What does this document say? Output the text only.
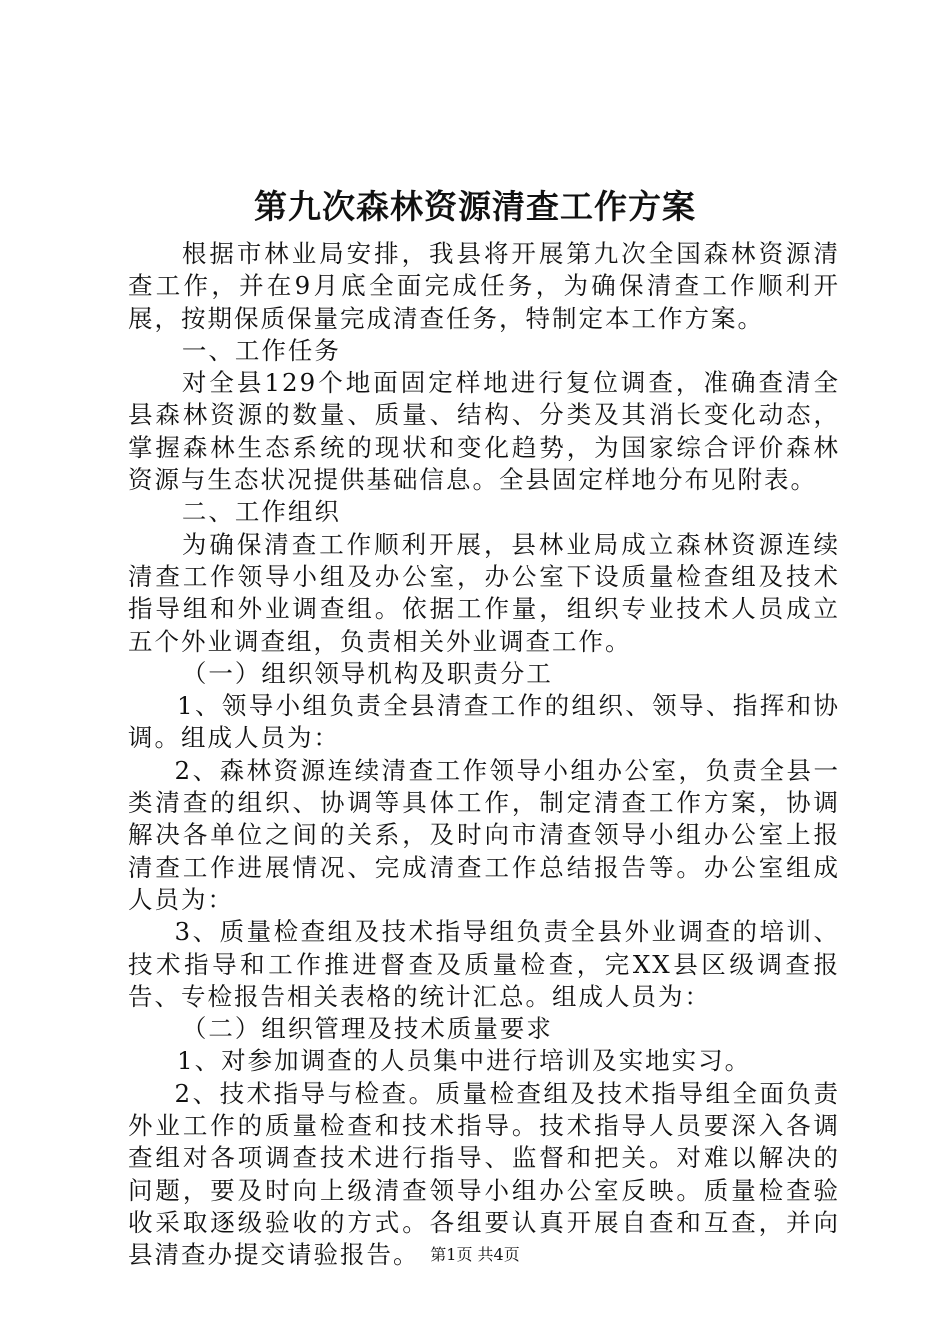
第九次森林资源清查工作方案

根据市林业局安排，我县将开展第九次全国森林资源清查工作，并在9月底全面完成任务，为确保清查工作顺利开展，按期保质保量完成清查任务，特制定本工作方案。

一、工作任务

对全县129个地面固定样地进行复位调查，准确查清全县森林资源的数量、质量、结构、分类及其消长变化动态，掌握森林生态系统的现状和变化趋势，为国家综合评价森林资源与生态状况提供基础信息。全县固定样地分布见附表。

二、工作组织

为确保清查工作顺利开展，县林业局成立森林资源连续清查工作领导小组及办公室，办公室下设质量检查组及技术指导组和外业调查组。依据工作量，组织专业技术人员成立五个外业调查组，负责相关外业调查工作。

（一）组织领导机构及职责分工

1、领导小组负责全县清查工作的组织、领导、指挥和协调。组成人员为：

2、森林资源连续清查工作领导小组办公室，负责全县一类清查的组织、协调等具体工作，制定清查工作方案，协调解决各单位之间的关系，及时向市清查领导小组办公室上报清查工作进展情况、完成清查工作总结报告等。办公室组成人员为：

3、质量检查组及技术指导组负责全县外业调查的培训、技术指导和工作推进督查及质量检查，完XX县区级调查报告、专检报告相关表格的统计汇总。组成人员为：

（二）组织管理及技术质量要求

1、对参加调查的人员集中进行培训及实地实习。

2、技术指导与检查。质量检查组及技术指导组全面负责外业工作的质量检查和技术指导。技术指导人员要深入各调查组对各项调查技术进行指导、监督和把关。对难以解决的问题，要及时向上级清查领导小组办公室反映。质量检查验收采取逐级验收的方式。各组要认真开展自查和互查，并向县清查办提交请验报告。 第1页 共4页
